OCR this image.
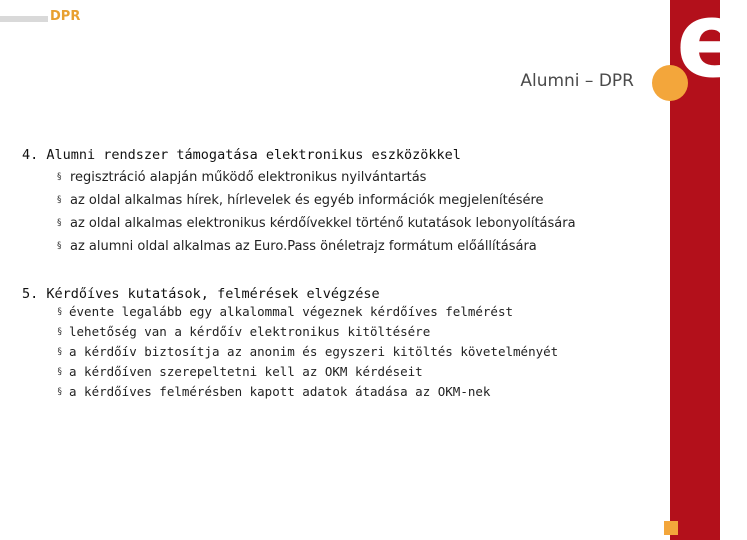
DPR	e
Alumni – DPR
4. Alumni rendszer támogatása elektronikus eszközökkel
§ regisztráció alapján működő elektronikus nyilvántartás
§ az oldal alkalmas hírek, hírlevelek és egyéb információk megjelenítésére
§ az oldal alkalmas elektronikus kérdőívekkel történő kutatások lebonyolítására
§ az alumni oldal alkalmas az Euro.Pass önéletrajz formátum előállítására
5. Kérdőíves kutatások, felmérések elvégzése
§ évente legalább egy alkalommal végeznek kérdőíves felmérést
§ lehetőség van a kérdőív elektronikus kitöltésére
§ a kérdőív biztosítja az anonim és egyszeri kitöltés követelményét
§ a kérdőíven szerepeltetni kell az OKM kérdéseit
§ a kérdőíves felmérésben kapott adatok átadása az OKM-nek
